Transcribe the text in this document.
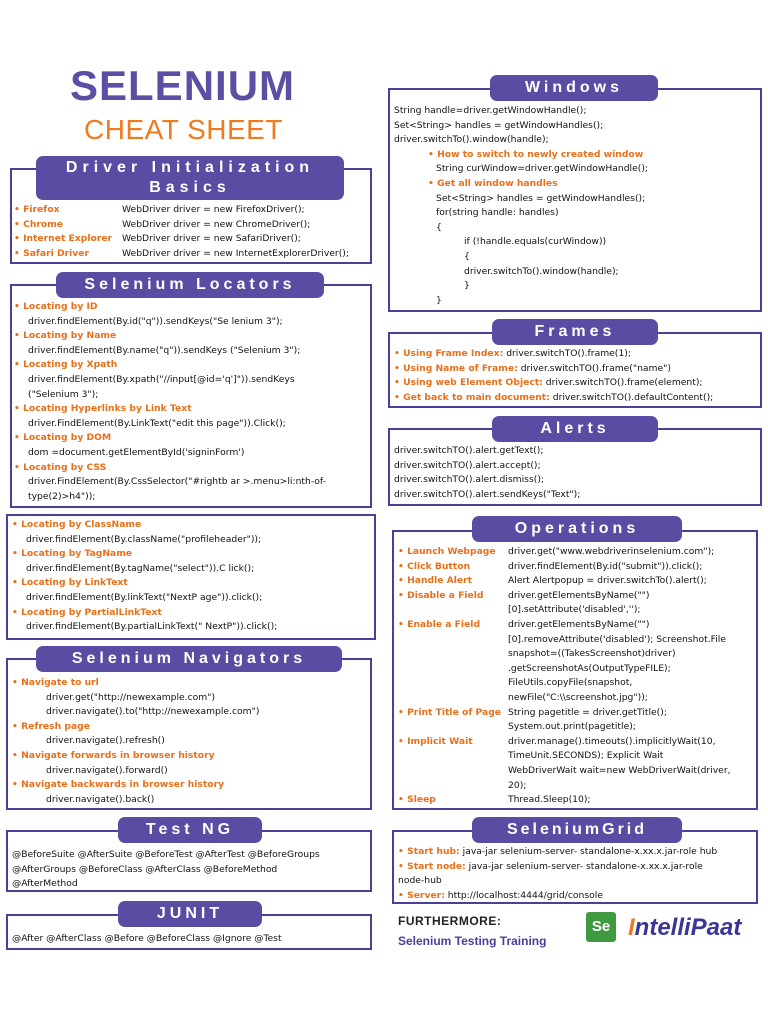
SELENIUM
CHEAT SHEET
Driver Initialization Basics
• Firefox	WebDriver driver = new FirefoxDriver();
• Chrome	WebDriver driver = new ChromeDriver();
• Internet Explorer	WebDriver driver = new SafariDriver();
• Safari Driver	WebDriver driver = new InternetExplorerDriver();
Selenium Locators
• Locating by ID
driver.findElement(By.id("q")).sendKeys("Se lenium 3");
• Locating by Name
driver.findElement(By.name("q")).sendKeys ("Selenium 3");
• Locating by Xpath
driver.findElement(By.xpath("//input[@id='q']")).sendKeys
("Selenium 3");
• Locating Hyperlinks by Link Text
driver.FindElement(By.LinkText("edit this page")).Click();
• Locating by DOM
dom =document.getElementById('signinForm')
• Locating by CSS
driver.FindElement(By.CssSelector("#rightb ar >.menu>li:nth-of-
type(2)>h4"));
• Locating by ClassName
driver.findElement(By.className("profileheader"));
• Locating by TagName
driver.findElement(By.tagName("select")).C lick();
• Locating by LinkText
driver.findElement(By.linkText("NextP age")).click();
• Locating by PartialLinkText
driver.findElement(By.partialLinkText(" NextP")).click();
Selenium Navigators
• Navigate to url
driver.get("http://newexample.com")
driver.navigate().to("http://newexample.com")
• Refresh page
driver.navigate().refresh()
• Navigate forwards in browser history
driver.navigate().forward()
• Navigate backwards in browser history
driver.navigate().back()
Test NG
@BeforeSuite @AfterSuite @BeforeTest @AfterTest @BeforeGroups
@AfterGroups @BeforeClass @AfterClass @BeforeMethod
@AfterMethod
JUNIT
@After @AfterClass @Before @BeforeClass @Ignore @Test
Windows
String handle=driver.getWindowHandle();
Set<String> handles = getWindowHandles();
driver.switchTo().window(handle);
• How to switch to newly created window
String curWindow=driver.getWindowHandle();
• Get all window handles
Set<String> handles = getWindowHandles();
for(string handle: handles)
{
if (!handle.equals(curWindow))
{
driver.switchTo().window(handle);
}
}
Frames
• Using Frame Index: driver.switchTO().frame(1);
• Using Name of Frame: driver.switchTO().frame("name")
• Using web Element Object: driver.switchTO().frame(element);
• Get back to main document: driver.switchTO().defaultContent();
Alerts
driver.switchTO().alert.getText();
driver.switchTO().alert.accept();
driver.switchTO().alert.dismiss();
driver.switchTO().alert.sendKeys("Text");
Operations
• Launch Webpage	driver.get("www.webdriverinselenium.com");
• Click Button	driver.findElement(By.id("submit")).click();
• Handle Alert	Alert Alertpopup = driver.switchTo().alert();
• Disable a Field	driver.getElementsByName("")
[0].setAttribute('disabled','');
• Enable a Field	driver.getElementsByName("")
[0].removeAttribute('disabled'); Screenshot.File
snapshot=((TakesScreenshot)driver)
.getScreenshotAs(OutputTypeFILE);
FileUtils.copyFile(snapshot,
newFile("C:\\screenshot.jpg"));
• Print Title of Page String pagetitle = driver.getTitle();
System.out.print(pagetitle);
• Implicit Wait	driver.manage().timeouts().implicitlyWait(10,
TimeUnit.SECONDS); Explicit Wait
WebDriverWait wait=new WebDriverWait(driver,
20);
• Sleep	Thread.Sleep(10);
SeleniumGrid
• Start hub: java-jar selenium-server- standalone-x.xx.x.jar-role hub
• Start node: java-jar selenium-server- standalone-x.xx.x.jar-role
node-hub
• Server: http://localhost:4444/grid/console
FURTHERMORE:
Selenium Testing Training
Se IntelliPaat
